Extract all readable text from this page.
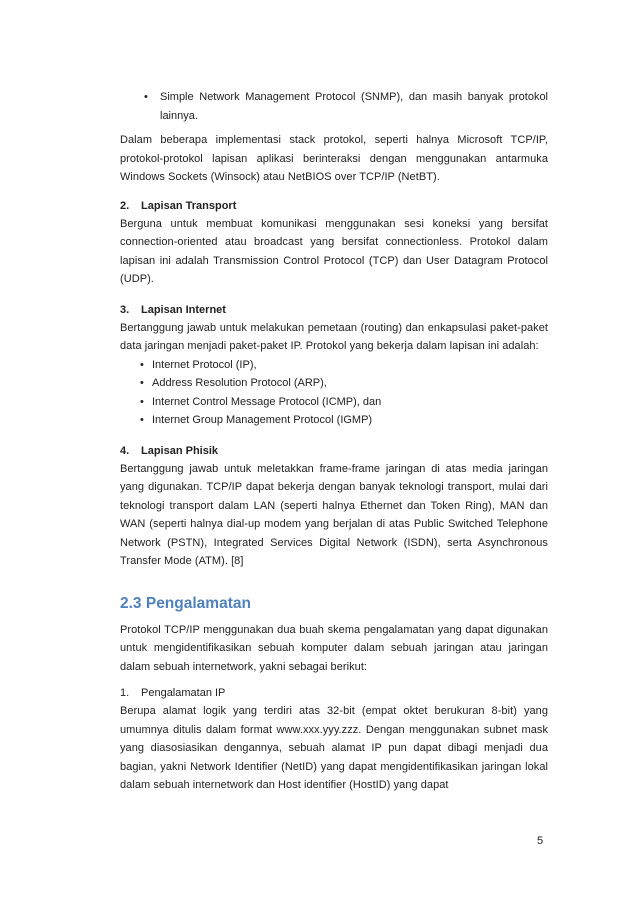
• Simple Network Management Protocol (SNMP), dan masih banyak protokol lainnya.

Dalam beberapa implementasi stack protokol, seperti halnya Microsoft TCP/IP, protokol-protokol lapisan aplikasi berinteraksi dengan menggunakan antarmuka Windows Sockets (Winsock) atau NetBIOS over TCP/IP (NetBT).

2. Lapisan Transport

Berguna untuk membuat komunikasi menggunakan sesi koneksi yang bersifat connection-oriented atau broadcast yang bersifat connectionless. Protokol dalam lapisan ini adalah Transmission Control Protocol (TCP) dan User Datagram Protocol (UDP).

3. Lapisan Internet

Bertanggung jawab untuk melakukan pemetaan (routing) dan enkapsulasi paket-paket data jaringan menjadi paket-paket IP. Protokol yang bekerja dalam lapisan ini adalah:

• Internet Protocol (IP),
• Address Resolution Protocol (ARP),
• Internet Control Message Protocol (ICMP), dan
• Internet Group Management Protocol (IGMP)
4. Lapisan Phisik

Bertanggung jawab untuk meletakkan frame-frame jaringan di atas media jaringan yang digunakan. TCP/IP dapat bekerja dengan banyak teknologi transport, mulai dari teknologi transport dalam LAN (seperti halnya Ethernet dan Token Ring), MAN dan WAN (seperti halnya dial-up modem yang berjalan di atas Public Switched Telephone Network (PSTN), Integrated Services Digital Network (ISDN), serta Asynchronous Transfer Mode (ATM). [8]

2.3 Pengalamatan

Protokol TCP/IP menggunakan dua buah skema pengalamatan yang dapat digunakan untuk mengidentifikasikan sebuah komputer dalam sebuah jaringan atau jaringan dalam sebuah internetwork, yakni sebagai berikut:

1. Pengalamatan IP

Berupa alamat logik yang terdiri atas 32-bit (empat oktet berukuran 8-bit) yang umumnya ditulis dalam format www.xxx.yyy.zzz. Dengan menggunakan subnet mask yang diasosiasikan dengannya, sebuah alamat IP pun dapat dibagi menjadi dua bagian, yakni Network Identifier (NetID) yang dapat mengidentifikasikan jaringan lokal dalam sebuah internetwork dan Host identifier (HostID) yang dapat

5
